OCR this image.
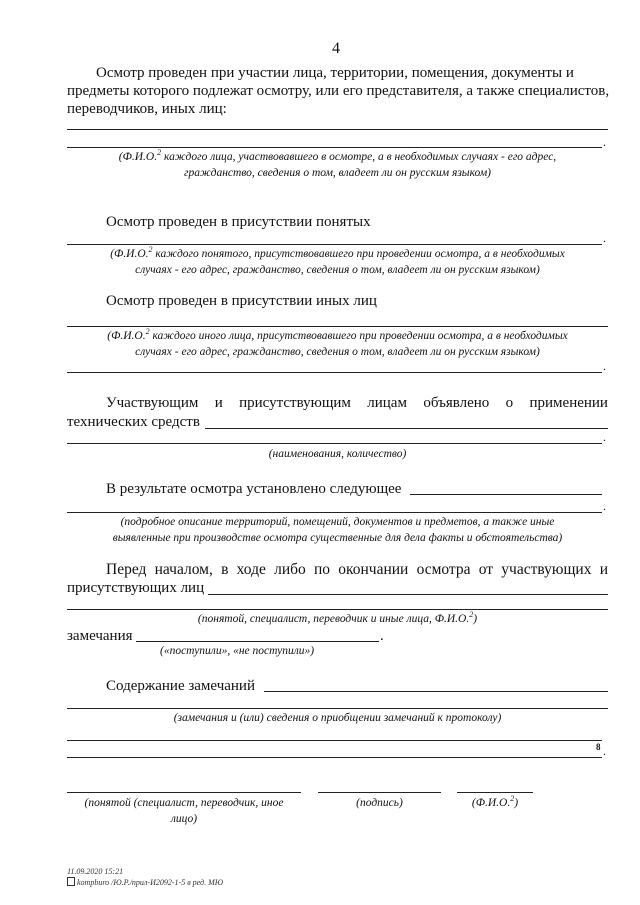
4
Осмотр проведен при участии лица, территории, помещения, документы и
предметы которого подлежат осмотру, или его представителя, а также специалистов,
переводчиков, иных лиц:
.
(Ф.И.О.$^2$ каждого лица, участвовавшего в осмотре, а в необходимых случаях - его адрес,
гражданство, сведения о том, владеет ли он русским языком)
Осмотр проведен в присутствии понятых
.
(Ф.И.О.$^2$ каждого понятого, присутствовавшего при проведении осмотра, а в необходимых
случаях - его адрес, гражданство, сведения о том, владеет ли он русским языком)
Осмотр проведен в присутствии иных лиц
(Ф.И.О.$^2$ каждого иного лица, присутствовавшего при проведении осмотра, а в необходимых
случаях - его адрес, гражданство, сведения о том, владеет ли он русским языком)
.
Участвующим и присутствующим лицам объявлено о применении
технических средств
.
(наименования, количество)
В результате осмотра установлено следующее
.
(подробное описание территорий, помещений, документов и предметов, а также иные
выявленные при производстве осмотра существенные для дела факты и обстоятельства)
Перед началом, в ходе либо по окончании осмотра от участвующих и
присутствующих лиц
(понятой, специалист, переводчик и иные лица, Ф.И.О.$^2$)
замечания	.
(«поступили», «не поступили»)
Содержание замечаний
(замечания и (или) сведения о приобщении замечаний к протоколу)
8 .
(понятой (специалист, переводчик, иное
лицо)
(подпись)	(Ф.И.О.$^2$)
11.09.2020 15:21
kompburo /Ю.Р./прил-И2092-1-5 в ред. МЮ
